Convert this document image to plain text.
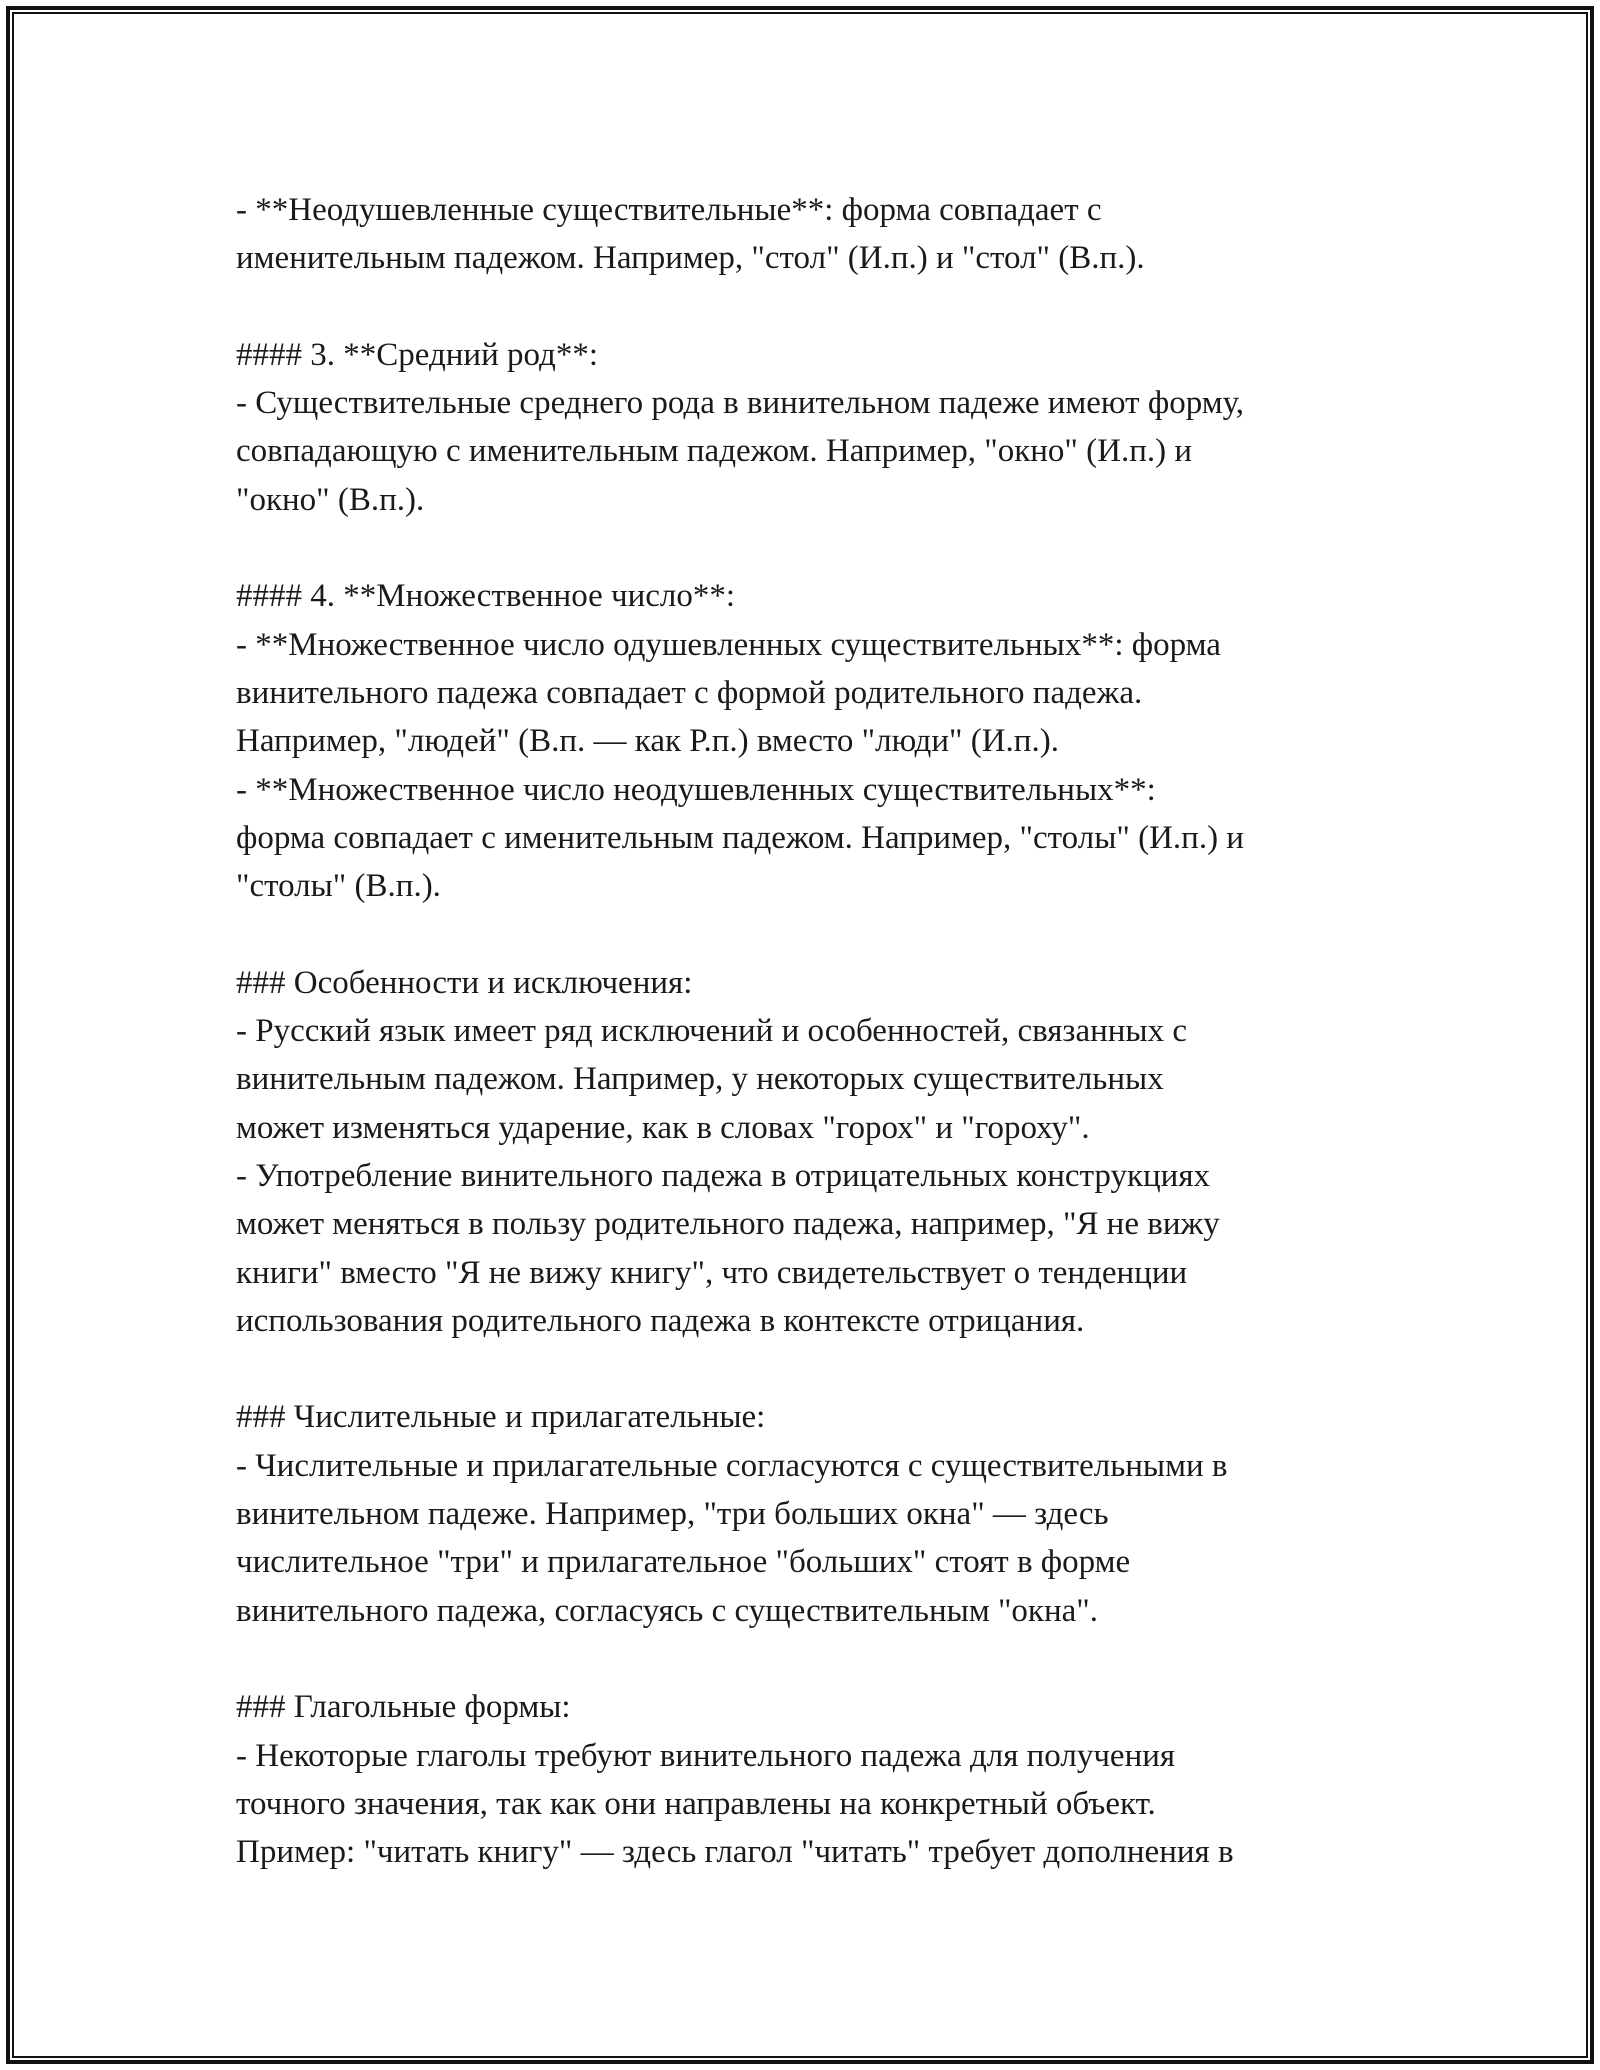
- **Неодушевленные существительные**: форма совпадает с
именительным падежом. Например, "стол" (И.п.) и "стол" (В.п.).
#### 3. **Средний род**:
- Существительные среднего рода в винительном падеже имеют форму,
совпадающую с именительным падежом. Например, "окно" (И.п.) и
"окно" (В.п.).
#### 4. **Множественное число**:
- **Множественное число одушевленных существительных**: форма
винительного падежа совпадает с формой родительного падежа.
Например, "людей" (В.п. — как Р.п.) вместо "люди" (И.п.).
- **Множественное число неодушевленных существительных**:
форма совпадает с именительным падежом. Например, "столы" (И.п.) и
"столы" (В.п.).
### Особенности и исключения:
- Русский язык имеет ряд исключений и особенностей, связанных с
винительным падежом. Например, у некоторых существительных
может изменяться ударение, как в словах "горох" и "гороху".
- Употребление винительного падежа в отрицательных конструкциях
может меняться в пользу родительного падежа, например, "Я не вижу
книги" вместо "Я не вижу книгу", что свидетельствует о тенденции
использования родительного падежа в контексте отрицания.
### Числительные и прилагательные:
- Числительные и прилагательные согласуются с существительными в
винительном падеже. Например, "три больших окна" — здесь
числительное "три" и прилагательное "больших" стоят в форме
винительного падежа, согласуясь с существительным "окна".
### Глагольные формы:
- Некоторые глаголы требуют винительного падежа для получения
точного значения, так как они направлены на конкретный объект.
Пример: "читать книгу" — здесь глагол "читать" требует дополнения в
